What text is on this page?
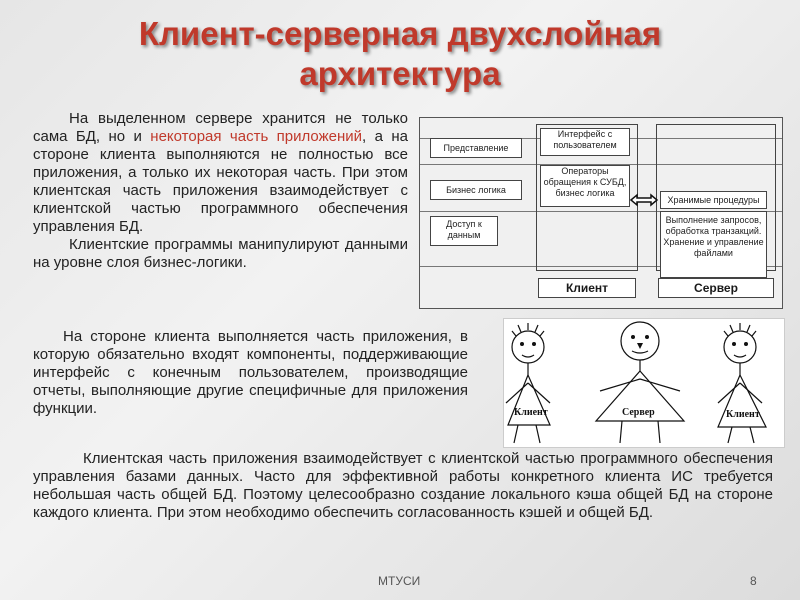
Клиент-серверная двухслойная
архитектура
На выделенном сервере хранится не только сама БД, но и некоторая часть приложений, а на стороне клиента выполняются не полностью все приложения, а только их некоторая часть. При этом клиентская часть приложения взаимодействует с клиентской частью программного обеспечения управления БД.
Клиентские программы манипулируют данными на уровне слоя бизнес-логики.
Представление
Бизнес логика
Доступ к данным
Интерфейс с пользователем
Операторы обращения к СУБД, бизнес логика
Хранимые процедуры
Выполнение запросов, обработка транзакций. Хранение и управление файлами
Клиент	Сервер
На стороне клиента выполняется часть приложения, в которую обязательно входят компоненты, поддерживающие интерфейс с конечным пользователем, производящие отчеты, выполняющие другие специфичные для приложения функции.	Клиент	Сервер	Клиент
Клиентская часть приложения взаимодействует с клиентской частью программного обеспечения управления базами данных. Часто для эффективной работы конкретного клиента ИС требуется небольшая часть общей БД. Поэтому целесообразно создание локального кэша общей БД на стороне каждого клиента. При этом необходимо обеспечить согласованность кэшей и общей БД.
МТУСИ	8
